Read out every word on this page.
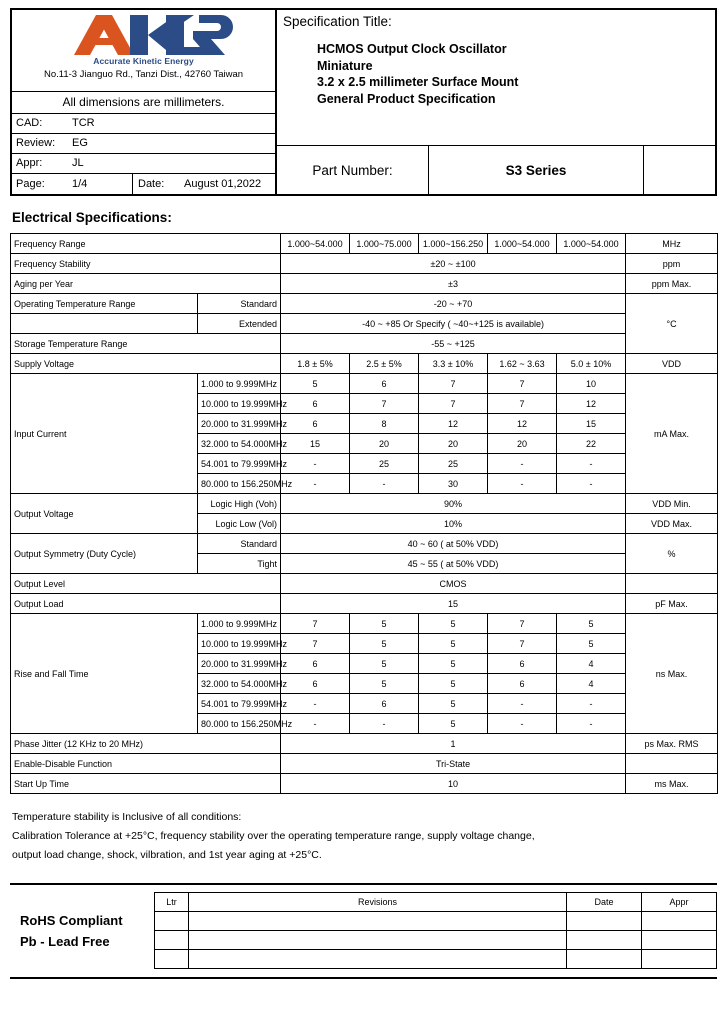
Accurate Kinetic Energy
No.11-3 Jianguo Rd., Tanzi Dist., 42760 Taiwan
All dimensions are millimeters.
CAD:	TCR
Review:	EG
Appr:	JL
Page:	1/4	Date:	August 01,2022
Specification Title:
HCMOS Output Clock Oscillator
Miniature
3.2 x 2.5 millimeter Surface Mount
General Product Specification
Part Number:	S3 Series
Electrical Specifications:
Frequency Range		1.000~54.000	1.000~75.000	1.000~156.250	1.000~54.000	1.000~54.000	MHz
Frequency Stability		±20 ~ ±100					ppm
Aging per Year		±3					ppm Max.
Operating Temperature Range	Standard	-20 ~ +70					°C
	Extended	-40 ~ +85 Or Specify ( ~40~+125 is available)					
Storage Temperature Range		-55 ~ +125					
Supply Voltage		1.8 ± 5%	2.5 ± 5%	3.3 ± 10%	1.62 ~ 3.63	5.0 ± 10%	VDD
Input Current	1.000 to 9.999MHz	5	6	7	7	10	mA Max.
	10.000 to 19.999MHz	6	7	7	7	12	
	20.000 to 31.999MHz	6	8	12	12	15	
	32.000 to 54.000MHz	15	20	20	20	22	
	54.001 to 79.999MHz	-	25	25	-	-	
	80.000 to 156.250MHz	-	-	30	-	-	
Output Voltage	Logic High (Voh)	90%					VDD Min.
	Logic Low (Vol)	10%					VDD Max.
Output Symmetry (Duty Cycle)	Standard	40 ~ 60 ( at 50% VDD)					%
	Tight	45 ~ 55 ( at 50% VDD)					
Output Level		CMOS					
Output Load		15					pF Max.
Rise and Fall Time	1.000 to 9.999MHz	7	5	5	7	5	ns Max.
	10.000 to 19.999MHz	7	5	5	7	5	
	20.000 to 31.999MHz	6	5	5	6	4	
	32.000 to 54.000MHz	6	5	5	6	4	
	54.001 to 79.999MHz	-	6	5	-	-	
	80.000 to 156.250MHz	-	-	5	-	-	
Phase Jitter (12 KHz to 20 MHz)		1					ps Max. RMS
Enable-Disable Function		Tri-State					
Start Up Time		10					ms Max.
Temperature stability is Inclusive of all conditions:
Calibration Tolerance at +25°C, frequency stability over the operating temperature range, supply voltage change,
output load change, shock, vilbration, and 1st year aging at +25°C.
RoHS Compliant
Pb - Lead Free
Ltr	Revisions	Date	Appr
